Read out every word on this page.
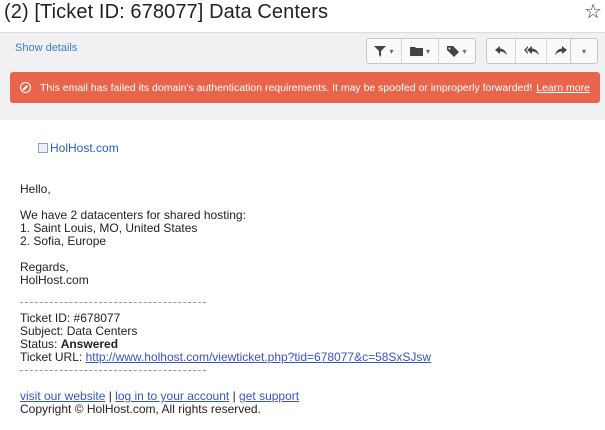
(2) [Ticket ID: 678077] Data Centers	☆
Show details	▾	▾	▾	▾
This email has failed its domain's authentication requirements. It may be spoofed or improperly forwarded! Learn more
HolHost.com
Hello,
We have 2 datacenters for shared hosting:
1. Saint Louis, MO, United States
2. Sofia, Europe
Regards,
HolHost.com
Ticket ID: #678077
Subject: Data Centers
Status: Answered
Ticket URL: http://www.holhost.com/viewticket.php?tid=678077&c=58SxSJsw
visit our website | log in to your account | get support
Copyright © HolHost.com, All rights reserved.
